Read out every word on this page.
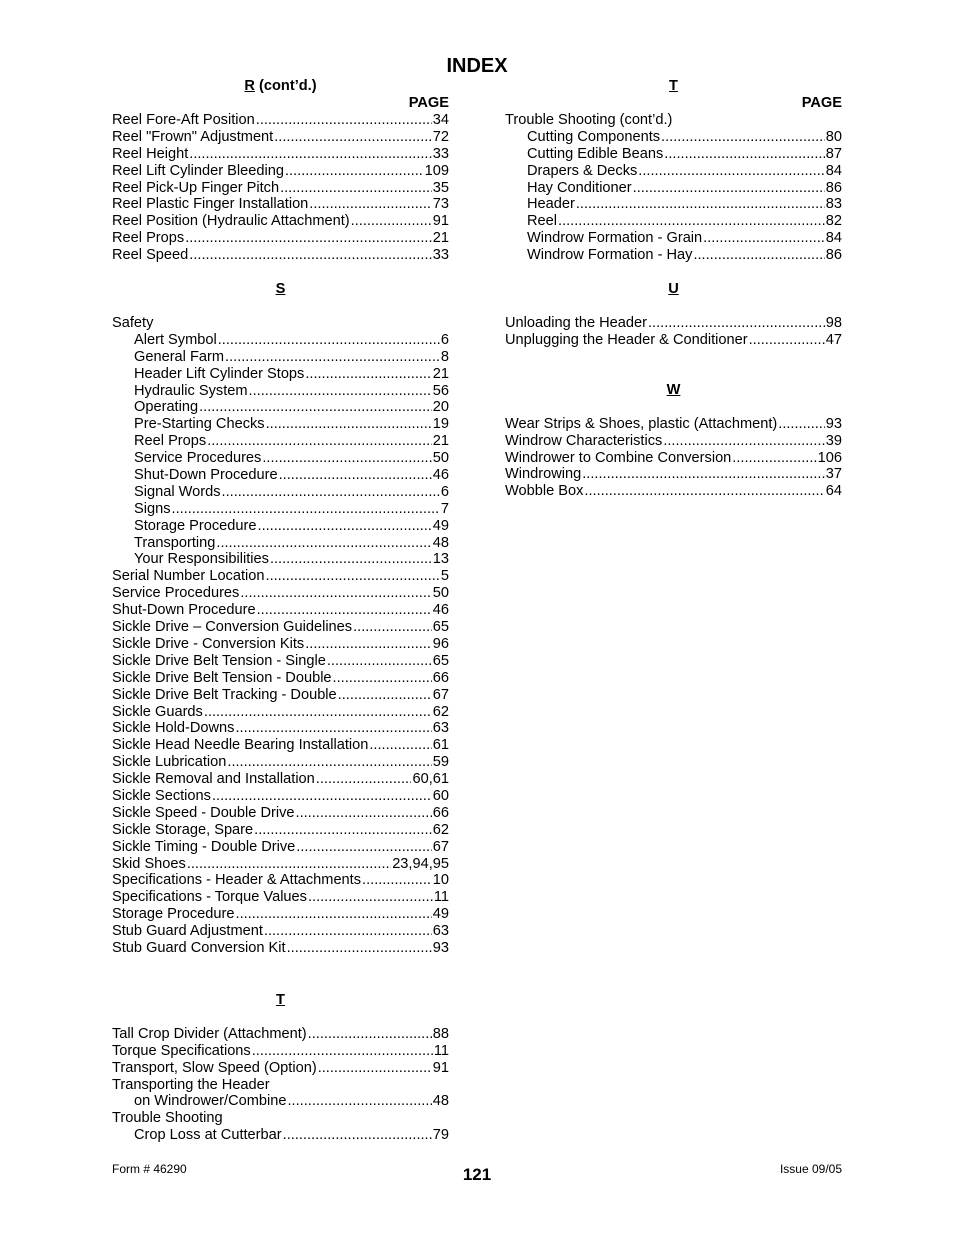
INDEX
R (cont’d.)
PAGE
Reel Fore-Aft Position .....	34
Reel "Frown" Adjustment .....	72
Reel Height .....	33
Reel Lift Cylinder Bleeding .....	109
Reel Pick-Up Finger Pitch .....	35
Reel Plastic Finger Installation .....	73
Reel Position (Hydraulic Attachment) .....	91
Reel Props .....	21
Reel Speed .....	33
S
Safety
Alert Symbol .....	6
General Farm .....	8
Header Lift Cylinder Stops .....	21
Hydraulic System .....	56
Operating .....	20
Pre-Starting Checks .....	19
Reel Props .....	21
Service Procedures .....	50
Shut-Down Procedure .....	46
Signal Words .....	6
Signs .....	7
Storage Procedure .....	49
Transporting .....	48
Your Responsibilities .....	13
Serial Number Location .....	5
Service Procedures .....	50
Shut-Down Procedure .....	46
Sickle Drive – Conversion Guidelines .....	65
Sickle Drive - Conversion Kits .....	96
Sickle Drive Belt Tension - Single .....	65
Sickle Drive Belt Tension - Double .....	66
Sickle Drive Belt Tracking - Double .....	67
Sickle Guards .....	62
Sickle Hold-Downs .....	63
Sickle Head Needle Bearing Installation .....	61
Sickle Lubrication .....	59
Sickle Removal and Installation .....	60,61
Sickle Sections .....	60
Sickle Speed - Double Drive .....	66
Sickle Storage, Spare .....	62
Sickle Timing - Double Drive .....	67
Skid Shoes .....	23,94,95
Specifications - Header & Attachments .....	10
Specifications - Torque Values .....	11
Storage Procedure .....	49
Stub Guard Adjustment .....	63
Stub Guard Conversion Kit .....	93
T
Tall Crop Divider (Attachment) .....	88
Torque Specifications .....	11
Transport, Slow Speed (Option) .....	91
Transporting the Header
on Windrower/Combine .....	48
Trouble Shooting
Crop Loss at Cutterbar .....	79
T
PAGE
Trouble Shooting (cont’d.)
Cutting Components .....	80
Cutting Edible Beans .....	87
Drapers & Decks .....	84
Hay Conditioner .....	86
Header .....	83
Reel .....	82
Windrow Formation - Grain .....	84
Windrow Formation - Hay .....	86
U
Unloading the Header .....	98
Unplugging the Header & Conditioner .....	47
W
Wear Strips & Shoes, plastic (Attachment) .....	93
Windrow Characteristics .....	39
Windrower to Combine Conversion .....	106
Windrowing .....	37
Wobble Box .....	64
Form # 46290	121	Issue 09/05
